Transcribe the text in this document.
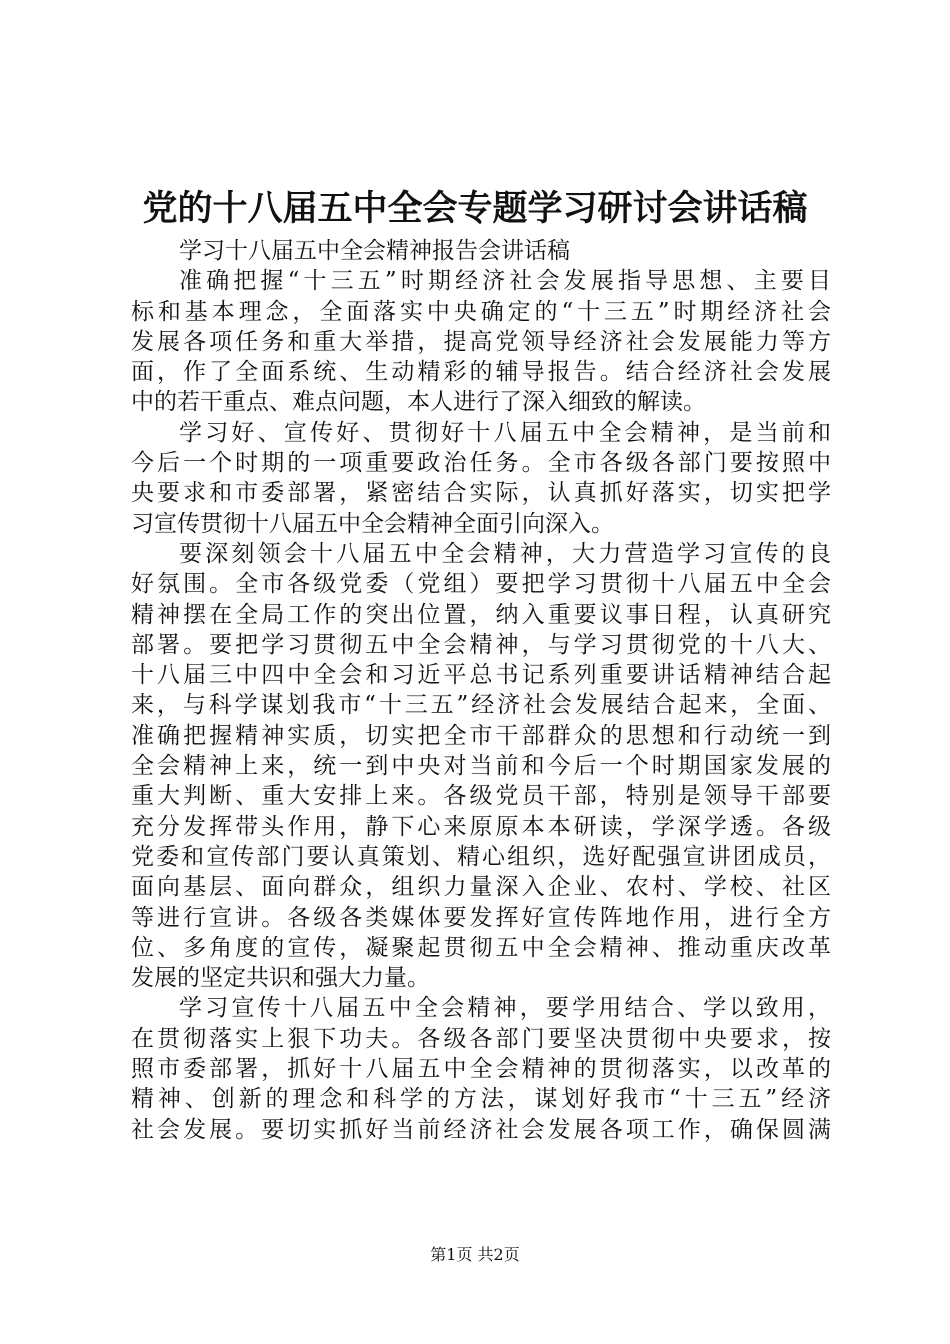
党的十八届五中全会专题学习研讨会讲话稿
学习十八届五中全会精神报告会讲话稿
准确把握“十三五”时期经济社会发展指导思想、主要目
标和基本理念，全面落实中央确定的“十三五”时期经济社会
发展各项任务和重大举措，提高党领导经济社会发展能力等方
面，作了全面系统、生动精彩的辅导报告。结合经济社会发展
中的若干重点、难点问题，本人进行了深入细致的解读。
学习好、宣传好、贯彻好十八届五中全会精神，是当前和
今后一个时期的一项重要政治任务。全市各级各部门要按照中
央要求和市委部署，紧密结合实际，认真抓好落实，切实把学
习宣传贯彻十八届五中全会精神全面引向深入。
要深刻领会十八届五中全会精神，大力营造学习宣传的良
好氛围。全市各级党委（党组）要把学习贯彻十八届五中全会
精神摆在全局工作的突出位置，纳入重要议事日程，认真研究
部署。要把学习贯彻五中全会精神，与学习贯彻党的十八大、
十八届三中四中全会和习近平总书记系列重要讲话精神结合起
来，与科学谋划我市“十三五”经济社会发展结合起来，全面、
准确把握精神实质，切实把全市干部群众的思想和行动统一到
全会精神上来，统一到中央对当前和今后一个时期国家发展的
重大判断、重大安排上来。各级党员干部，特别是领导干部要
充分发挥带头作用，静下心来原原本本研读，学深学透。各级
党委和宣传部门要认真策划、精心组织，选好配强宣讲团成员，
面向基层、面向群众，组织力量深入企业、农村、学校、社区
等进行宣讲。各级各类媒体要发挥好宣传阵地作用，进行全方
位、多角度的宣传，凝聚起贯彻五中全会精神、推动重庆改革
发展的坚定共识和强大力量。
学习宣传十八届五中全会精神，要学用结合、学以致用，
在贯彻落实上狠下功夫。各级各部门要坚决贯彻中央要求，按
照市委部署，抓好十八届五中全会精神的贯彻落实，以改革的
精神、创新的理念和科学的方法，谋划好我市“十三五”经济
社会发展。要切实抓好当前经济社会发展各项工作，确保圆满
第1页 共2页
